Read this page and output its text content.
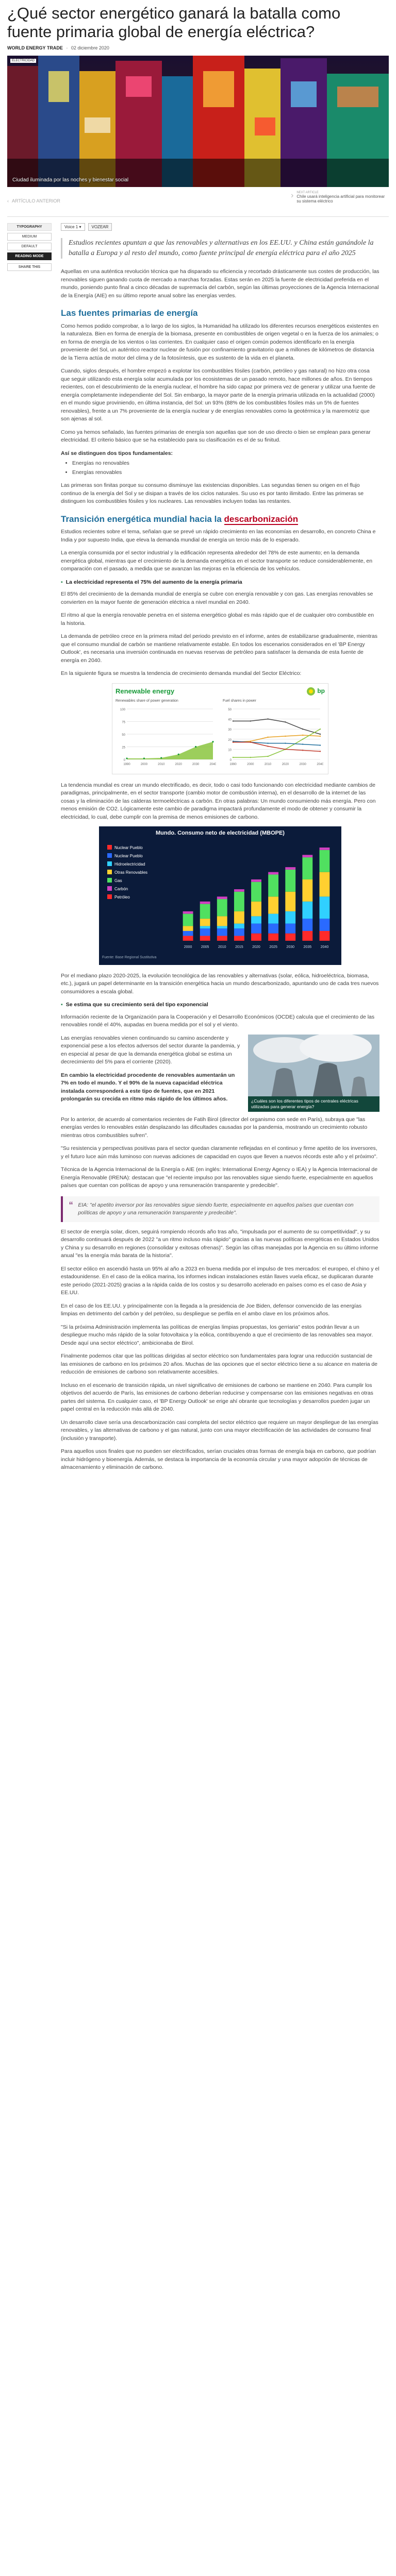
¿Qué sector energético ganará la batalla como fuente primaria global de energía eléctrica?
WORLD ENERGY TRADE - 02 diciembre 2020
ELECTRICIDAD
Ciudad iluminada por las noches y bienestar social
‹ ARTÍCULO ANTERIOR
› NEXT ARTICLE
Chile usará inteligencia artificial para monitorear su sistema eléctrico
TYPOGRAPHY
MEDIUM
DEFAULT
READING MODE
SHARE THIS
Voice 1 ▾	VOZEAR
Estudios recientes apuntan a que las renovables y alternativas en los EE.UU. y China están ganándole la batalla a Europa y al resto del mundo, como fuente principal de energía eléctrica para el año 2025

Aquellas en una auténtica revolución técnica que ha disparado su eficiencia y recortado drásticamente sus costes de producción, las renovables siguen ganando cuota de mercado a marchas forzadas. Estas serán en 2025 la fuente de electricidad preferida en el mundo, poniendo punto final a cinco décadas de supremacía del carbón, según las últimas proyecciones de la Agencia Internacional de la Energía (AIE) en su último reporte anual sobre las energías verdes.

Las fuentes primarias de energía

Como hemos podido comprobar, a lo largo de los siglos, la Humanidad ha utilizado los diferentes recursos energéticos existentes en la naturaleza. Bien en forma de energía de la biomasa, presente en combustibles de origen vegetal o en la fuerza de los animales; o en forma de energía de los vientos o las corrientes. En cualquier caso el origen común podemos identificarlo en la energía proveniente del Sol, un auténtico reactor nuclear de fusión por confinamiento gravitatorio que a millones de kilómetros de distancia de la Tierra actúa de motor del clima y de la fotosíntesis, que es sustento de la vida en el planeta.

Cuando, siglos después, el hombre empezó a explotar los combustibles fósiles (carbón, petróleo y gas natural) no hizo otra cosa que seguir utilizando esta energía solar acumulada por los ecosistemas de un pasado remoto, hace millones de años. En tiempos recientes, con el descubrimiento de la energía nuclear, el hombre ha sido capaz por primera vez de generar y utilizar una fuente de energía completamente independiente del Sol. Sin embargo, la mayor parte de la energía primaria utilizada en la actualidad (2000) en el mundo sigue proviniendo, en última instancia, del Sol: un 93% (88% de los combustibles fósiles más un 5% de fuentes renovables), frente a un 7% proveniente de la energía nuclear y de energías renovables como la geotérmica y la maremotriz que son ajenas al sol.

Como ya hemos señalado, las fuentes primarias de energía son aquellas que son de uso directo o bien se emplean para generar electricidad. El criterio básico que se ha establecido para su clasificación es el de su finitud.

Así se distinguen dos tipos fundamentales:
• Energías no renovables
• Energías renovables

Las primeras son finitas porque su consumo disminuye las existencias disponibles. Las segundas tienen su origen en el flujo continuo de la energía del Sol y se disipan a través de los ciclos naturales. Su uso es por tanto ilimitado. Entre las primeras se distinguen los combustibles fósiles y los nucleares. Las renovables incluyen todas las restantes.

Transición energética mundial hacia la descarbonización

Estudios recientes sobre el tema, señalan que se prevé un rápido crecimiento en las economías en desarrollo, en concreto China e India y por supuesto India, que eleva la demanda mundial de energía un tercio más de lo esperado.

La energía consumida por el sector industrial y la edificación representa alrededor del 78% de este aumento; en la demanda energética global, mientras que el crecimiento de la demanda energética en el sector transporte se reduce considerablemente, en comparación con el pasado, a medida que se avanzan las mejoras en la eficiencia de los vehículos.

▪ La electricidad representa el 75% del aumento de la energía primaria

El 85% del crecimiento de la demanda mundial de energía se cubre con energía renovable y con gas. Las energías renovables se convierten en la mayor fuente de generación eléctrica a nivel mundial en 2040.

El ritmo al que la energía renovable penetra en el sistema energético global es más rápido que el de cualquier otro combustible en la historia.

La demanda de petróleo crece en la primera mitad del periodo previsto en el informe, antes de estabilizarse gradualmente, mientras que el consumo mundial de carbón se mantiene relativamente estable. En todos los escenarios considerados en el 'BP Energy Outlook', es necesaria una inversión continuada en nuevas reservas de petróleo para satisfacer la demanda de esta fuente de energía en 2040.

En la siguiente figura se muestra la tendencia de crecimiento demanda mundial del Sector Eléctrico:

Renewable energy	bp
Renewables share of power generation
0
25
50
75
100
1990	2000	2010	2020	2030	2040
Fuel shares in power
0
10
20
30
40
50
1990	2000	2010	2020	2030	2040

La tendencia mundial es crear un mundo electrificado, es decir, todo o casi todo funcionando con electricidad mediante cambios de paradigmas, principalmente, en el sector transporte (cambio motor de combustión interna), en el desarrollo de la internet de las cosas y la eliminación de las calderas termoeléctricas a carbón. En otras palabras: Un mundo consumiendo más energía. Pero con menos emisión de CO2. Lógicamente este cambio de paradigma impactará profundamente el modo de obtener y consumir la electricidad, lo cual, debe cumplir con la premisa de menos emisiones de carbono.

Mundo. Consumo neto de electricidad (MBOPE)
2000	2005	2010	2015	2020	2025	2030	2035	2040
Nuclear Pueblo
Nuclear Pueblo
Hidroelectricidad
Otras Renovables
Gas
Carbón
Petróleo
Fuente: Base Regional Sustitutiva

Por el mediano plazo 2020-2025, la evolución tecnológica de las renovables y alternativas (solar, eólica, hidroeléctrica, biomasa, etc.), jugará un papel determinante en la transición energética hacia un mundo descarbonizado, apuntando uno de cada tres nuevos consumidores a escala global.

▪ Se estima que su crecimiento será del tipo exponencial

Información reciente de la Organización para la Cooperación y el Desarrollo Económicos (OCDE) calcula que el crecimiento de las renovables rondé el 40%, aupadas en buena medida por el sol y el viento.

¿Cuáles son los diferentes tipos de centrales eléctricas utilizadas para generar energía?

Las energías renovables vienen continuando su camino ascendente y exponencial pese a los efectos adversos del sector durante la pandemia, y en especial al pesar de que la demanda energética global se estima un decrecimiento del 5% para el corriente (2020).

En cambio la electricidad procedente de renovables aumentarán un 7% en todo el mundo. Y el 90% de la nueva capacidad eléctrica instalada corresponderá a este tipo de fuentes, que en 2021 prolongarán su crecida en ritmo más rápido de los últimos años.

Por lo anterior, de acuerdo al comentarios recientes de Fatih Birol (director del organismo con sede en París), subraya que "las energías verdes lo renovables están desplazando las dificultades causadas por la pandemia, mostrando un crecimiento robusto mientras otros combustibles sufren".

"Su resistencia y perspectivas positivas para el sector quedan claramente reflejadas en el continuo y firme apetito de los inversores, y el futuro luce aún más luminoso con nuevas adiciones de capacidad en cuyos que lleven a nuevos récords este año y el próximo".

Técnica de la Agencia Internacional de la Energía o AIE (en inglés: International Energy Agency o IEA) y la Agencia Internacional de Energía Renovable (IRENA): destacan que "el reciente impulso por las renovables sigue siendo fuerte, especialmente en aquellos países que cuentan con políticas de apoyo y una remuneración transparente y predecible".

“ EIA: "el apetito inversor por las renovables sigue siendo fuerte, especialmente en aquellos países que cuentan con políticas de apoyo y una remuneración transparente y predecible".

El sector de energía solar, dicen, seguirá rompiendo récords año tras año, "impulsada por el aumento de su competitividad", y su desarrollo continuará después de 2022 "a un ritmo incluso más rápido" gracias a las nuevas políticas energéticas en Estados Unidos y China y su desarrollo en regiones (consolidar y exitosas ofrenas)". Según las cifras manejadas por la Agencia en su último informe anual "es la energía más barata de la historia".

El sector eólico en ascendió hasta un 95% al año a 2023 en buena medida por el impulso de tres mercados: el europeo, el chino y el estadounidense. En el caso de la eólica marina, los informes indican instalaciones están llaves vuela eficaz, se duplicaran durante este periodo (2021-2025) gracias a la rápida caída de los costos y su desarrollo acelerado en países como es el caso de Asia y EE.UU.

En el caso de los EE.UU. y principalmente con la llegada a la presidencia de Joe Biden, defensor convencido de las energías limpias en detrimento del carbón y del petróleo, su despliegue se perfila en el ambo clave en los próximos años.

"Si la próxima Administración implementa las políticas de energías limpias propuestas, los gerriaria" estos podrán llevar a un despliegue mucho más rápido de la solar fotovoltaica y la eólica, contribuyendo a que el crecimiento de las renovables sea mayor. Desde aquí una sector eléctrico", ambicionaba de Birol.

Finalmente podemos citar que las políticas dirigidas al sector eléctrico son fundamentales para lograr una reducción sustancial de las emisiones de carbono en los próximos 20 años. Muchas de las opciones que el sector eléctrico tiene a su alcance en materia de reducción de emisiones de carbono son relativamente accesibles.

Incluso en el escenario de transición rápida, un nivel significativo de emisiones de carbono se mantiene en 2040. Para cumplir los objetivos del acuerdo de París, las emisiones de carbono deberían reducirse y compensarse con las emisiones negativas en otras partes del sistema. En cualquier caso, el 'BP Energy Outlook' se erige ahí obrante que tecnologías y desarrollos pueden jugar un papel central en la reducción más allá de 2040.

Un desarrollo clave sería una descarbonización casi completa del sector eléctrico que requiere un mayor despliegue de las energías renovables, y las alternativas de carbono y el gas natural, junto con una mayor electrificación de las actividades de consumo final (inclusión y transporte).

Para aquellos usos finales que no pueden ser electrificados, serían cruciales otras formas de energía baja en carbono, que podrían incluir hidrógeno y bioenergía. Además, se destaca la importancia de la economía circular y una mayor adopción de técnicas de almacenamiento y eliminación de carbono.
